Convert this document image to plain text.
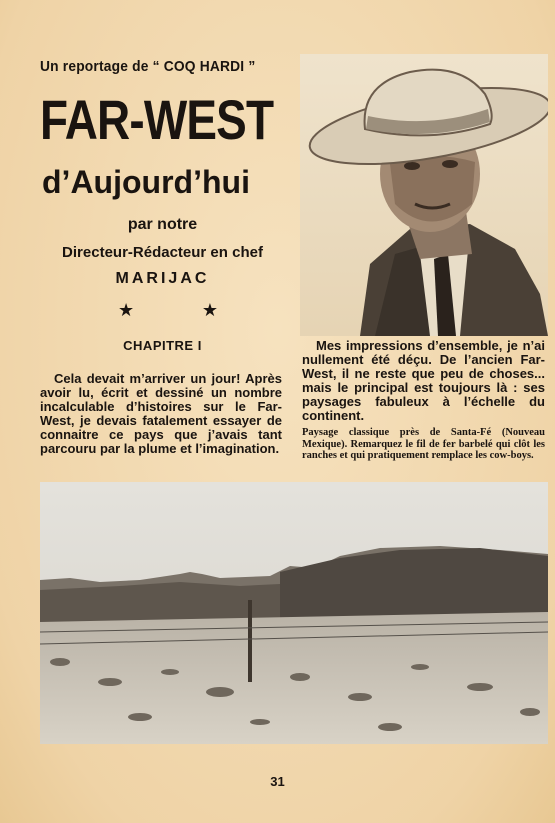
Un reportage de “ COQ HARDI ”
FAR-WEST
d’Aujourd’hui
par notre
Directeur-Rédacteur en chef
MARIJAC
★	★
CHAPITRE I
Cela devait m’arriver un jour! Après avoir lu, écrit et dessiné un nombre incalculable d’histoires sur le Far-West, je devais fatalement essayer de connaitre ce pays que j’avais tant parcouru par la plume et l’imagination.
Mes impressions d’ensemble, je n’ai nullement été déçu. De l’ancien Far-West, il ne reste que peu de choses... mais le principal est toujours là : ses paysages fabuleux à l’échelle du continent.
Paysage classique près de Santa-Fé (Nouveau Mexique). Remarquez le fil de fer barbelé qui clôt les ranches et qui pratiquement remplace les cow-boys.
31
